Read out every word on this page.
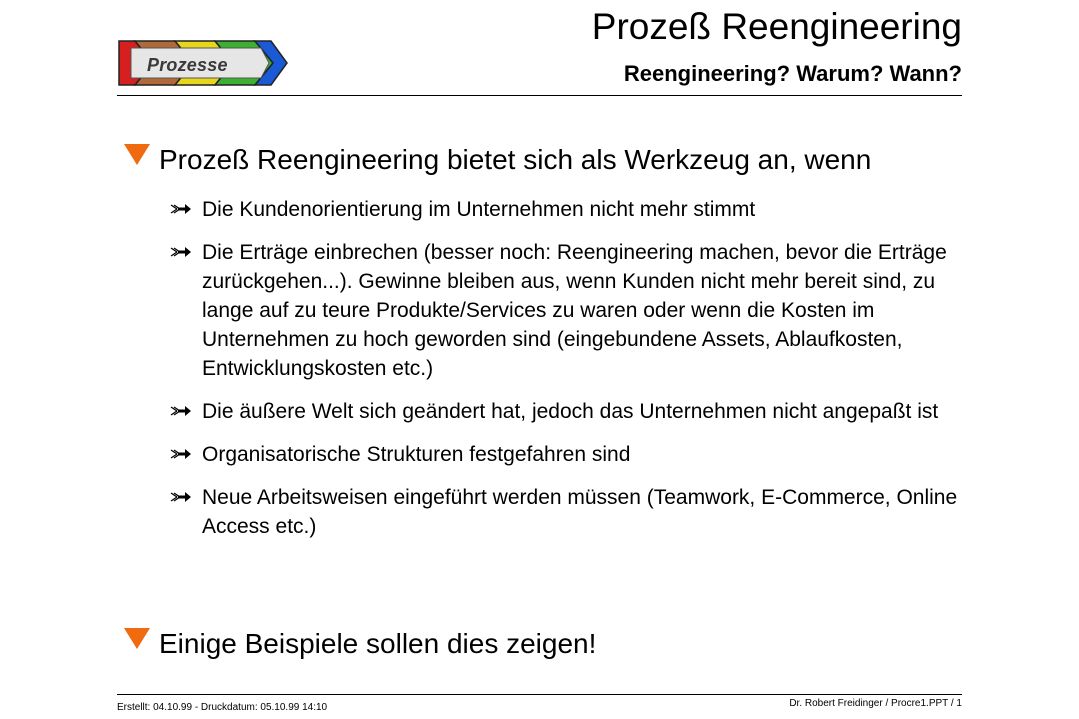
Prozesse
Prozeß Reengineering
Reengineering? Warum? Wann?
Prozeß Reengineering bietet sich als Werkzeug an, wenn
Die Kundenorientierung im Unternehmen nicht mehr stimmt
Die Erträge einbrechen (besser noch: Reengineering machen, bevor die Erträge zurückgehen...). Gewinne bleiben aus, wenn Kunden nicht mehr bereit sind, zu lange auf zu teure Produkte/Services zu waren oder wenn die Kosten im Unternehmen zu hoch geworden sind (eingebundene Assets, Ablaufkosten, Entwicklungskosten etc.)
Die äußere Welt sich geändert hat, jedoch das Unternehmen nicht angepaßt ist
Organisatorische Strukturen festgefahren sind
Neue Arbeitsweisen eingeführt werden müssen (Teamwork, E-Commerce, Online Access etc.)
Einige Beispiele sollen dies zeigen!
Erstellt: 04.10.99 - Druckdatum: 05.10.99 14:10	Dr. Robert Freidinger / Procre1.PPT / 1
